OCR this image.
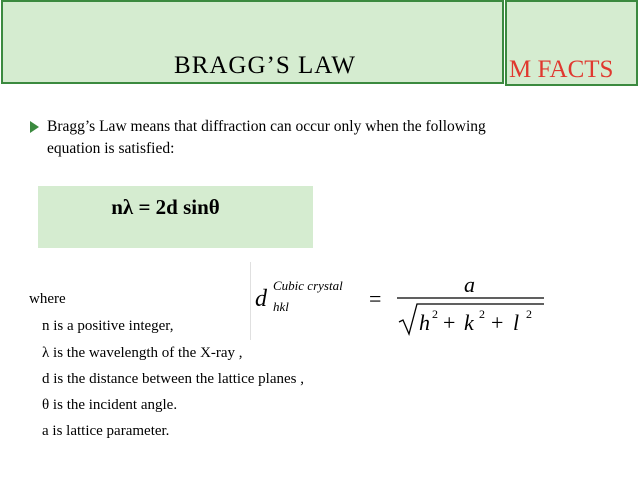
BRAGG’S LAW	M FACTS
Bragg’s Law means that diffraction can occur only when the following
equation is satisfied:
nλ = 2d sinθ
d
Cubic crystal
hkl	=
a
h 2 + k 2 + l 2
where
n is a positive integer,
λ is the wavelength of the X-ray ,
d is the distance between the lattice planes ,
θ is the incident angle.
a is lattice parameter.
